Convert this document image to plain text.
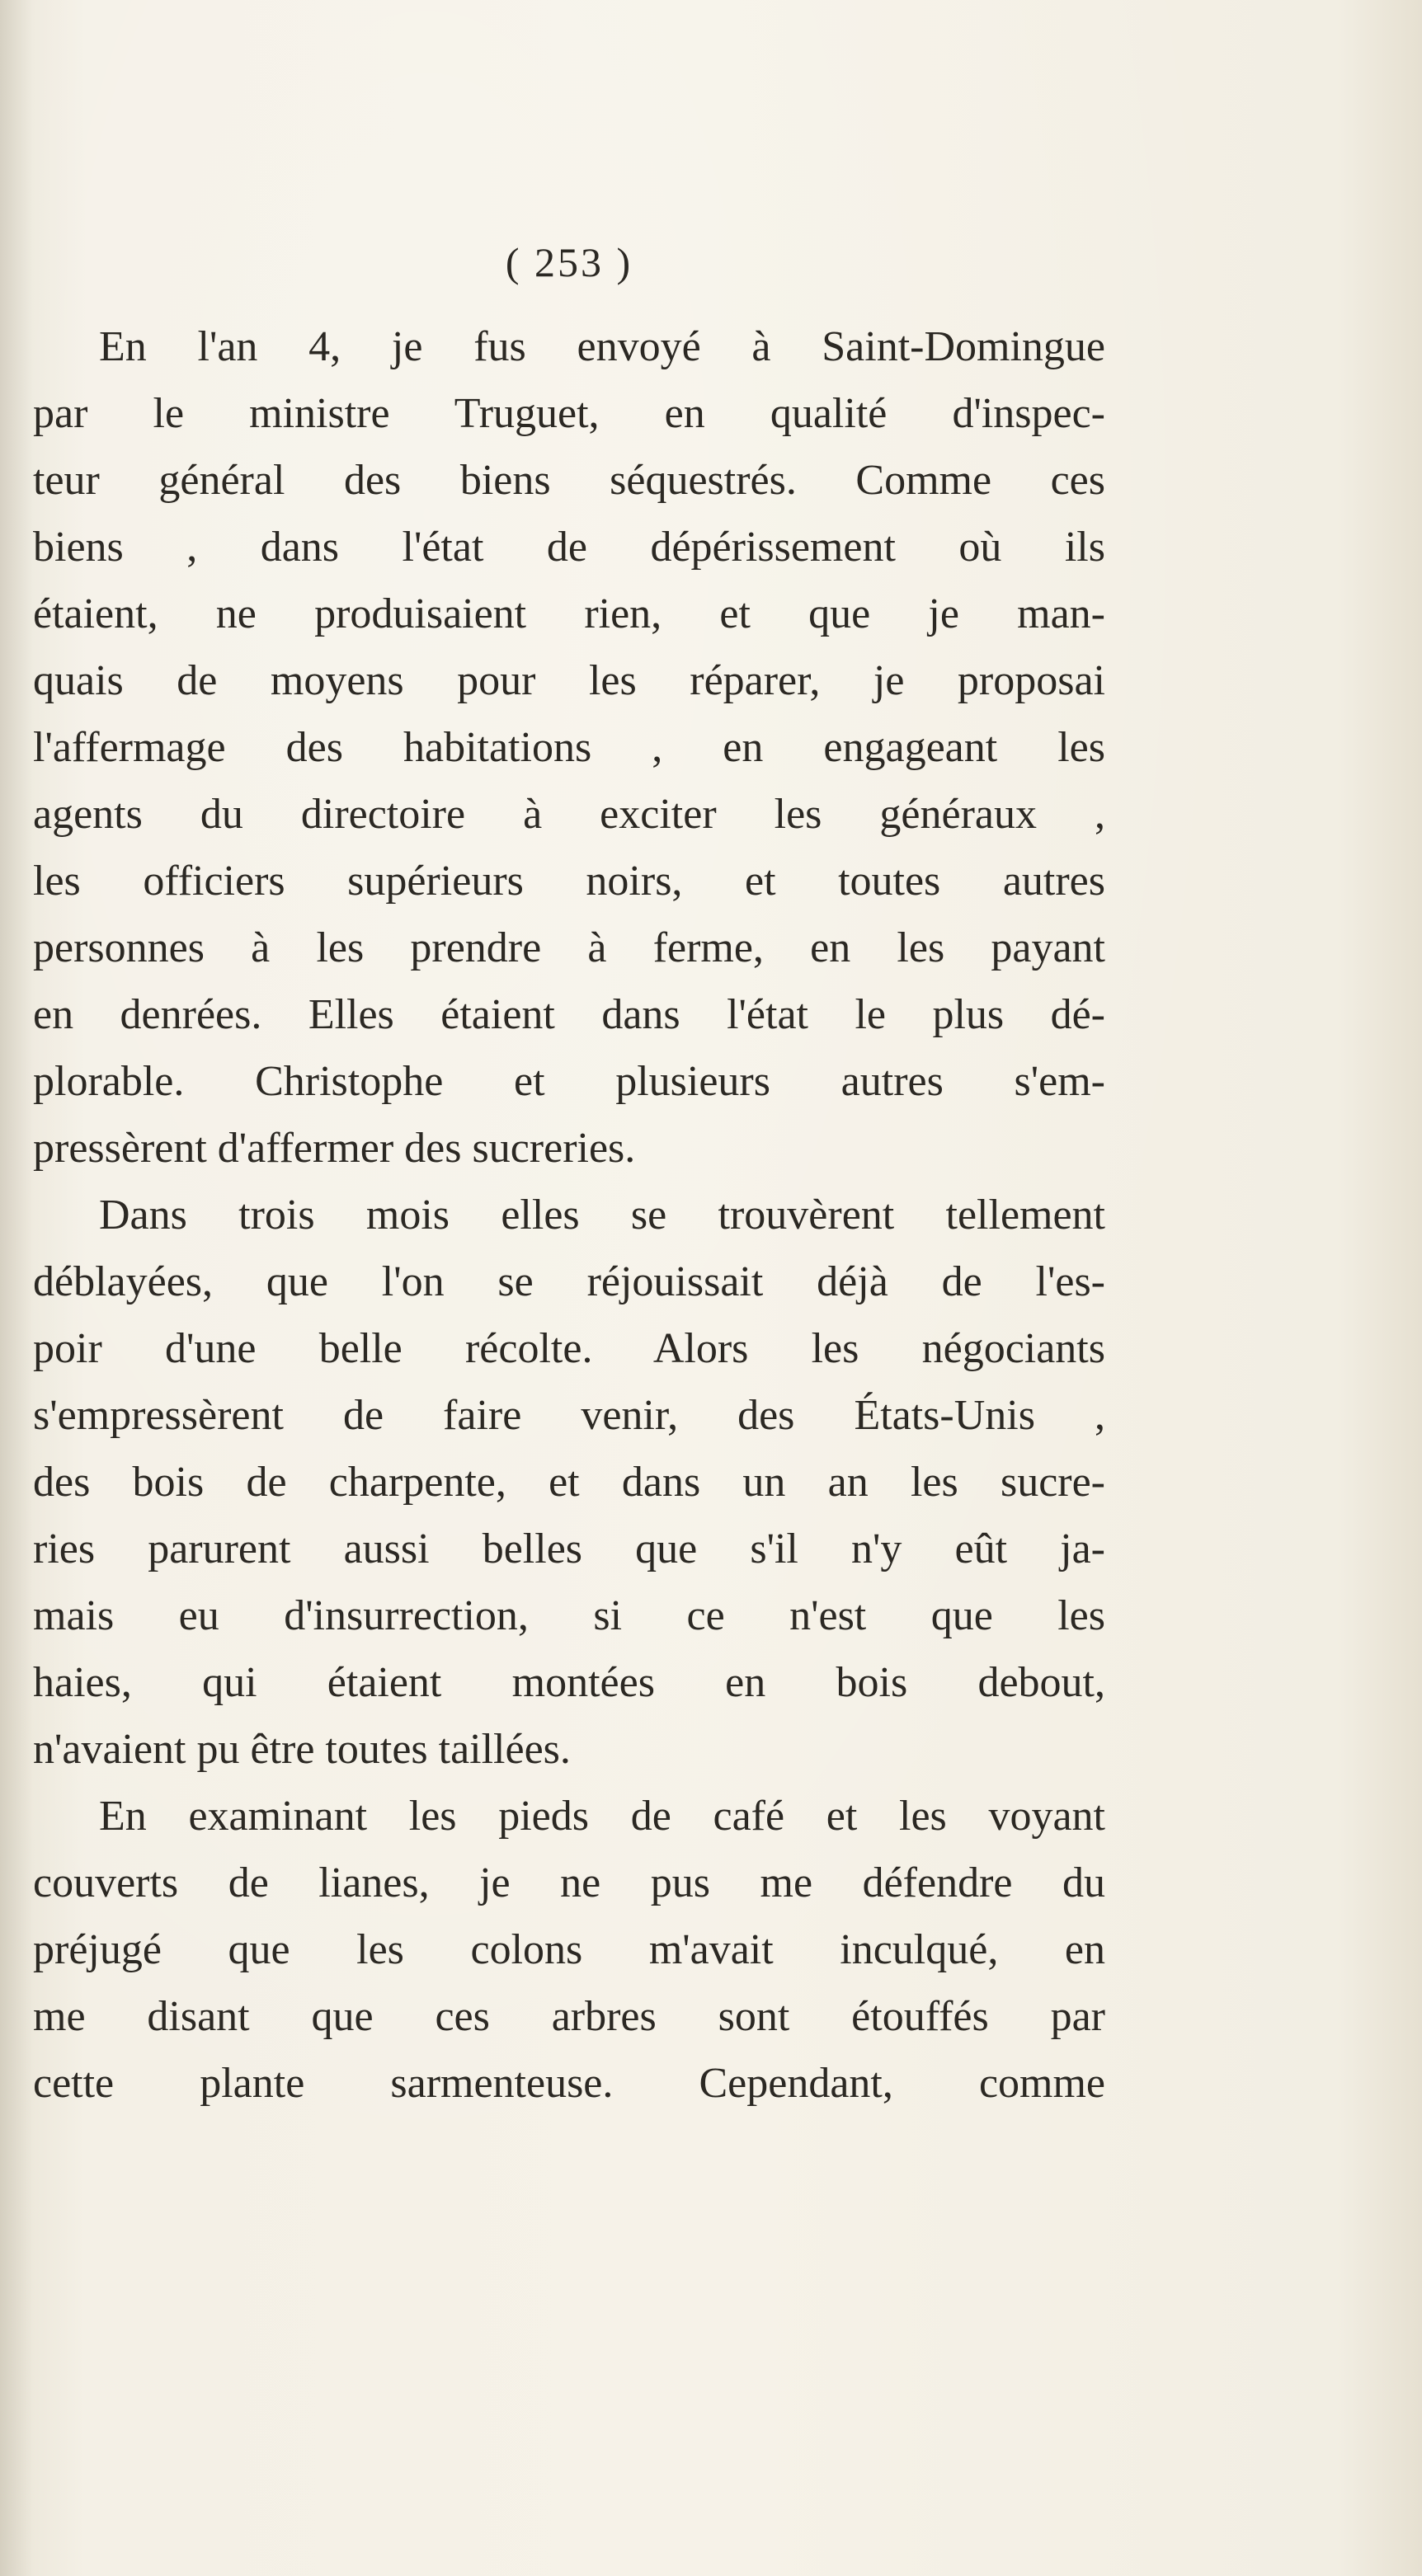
( 253 )
En l'an 4, je fus envoyé à Saint-Domingue
par le ministre Truguet, en qualité d'inspec-
teur général des biens séquestrés. Comme ces
biens , dans l'état de dépérissement où ils
étaient, ne produisaient rien, et que je man-
quais de moyens pour les réparer, je proposai
l'affermage des habitations , en engageant les
agents du directoire à exciter les généraux ,
les officiers supérieurs noirs, et toutes autres
personnes à les prendre à ferme, en les payant
en denrées. Elles étaient dans l'état le plus dé-
plorable. Christophe et plusieurs autres s'em-
pressèrent d'affermer des sucreries.
Dans trois mois elles se trouvèrent tellement
déblayées, que l'on se réjouissait déjà de l'es-
poir d'une belle récolte. Alors les négociants
s'empressèrent de faire venir, des États-Unis ,
des bois de charpente, et dans un an les sucre-
ries parurent aussi belles que s'il n'y eût ja-
mais eu d'insurrection, si ce n'est que les
haies, qui étaient montées en bois debout,
n'avaient pu être toutes taillées.
En examinant les pieds de café et les voyant
couverts de lianes, je ne pus me défendre du
préjugé que les colons m'avait inculqué, en
me disant que ces arbres sont étouffés par
cette plante sarmenteuse. Cependant, comme
